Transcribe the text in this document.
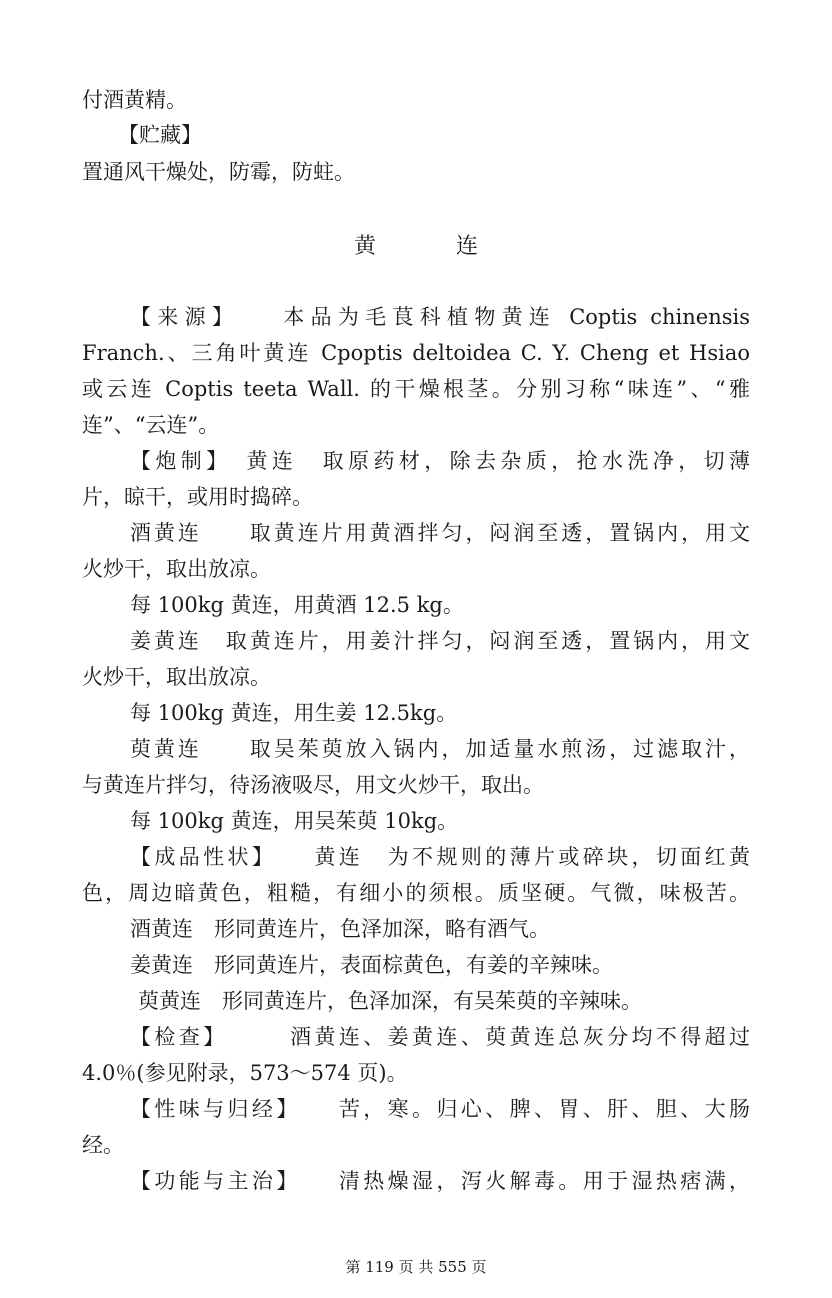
付酒黄精。
【贮藏】
置通风干燥处，防霉，防蛀。
黄	连
【来源】　　本品为毛茛科植物黄连 Coptis chinensis
Franch.、三角叶黄连 Cpoptis deltoidea C. Y. Cheng et Hsiao
或云连 Coptis teeta Wall. 的干燥根茎。分别习称“味连”、“雅
连”、“云连”。
【炮制】　黄连　取原药材，除去杂质，抢水洗净，切薄
片，晾干，或用时捣碎。
酒黄连　　取黄连片用黄酒拌匀，闷润至透，置锅内，用文
火炒干，取出放凉。
每 100kg 黄连，用黄酒 12.5 kg。
姜黄连　取黄连片，用姜汁拌匀，闷润至透，置锅内，用文
火炒干，取出放凉。
每 100kg 黄连，用生姜 12.5kg。
萸黄连　　取吴茱萸放入锅内，加适量水煎汤，过滤取汁，
与黄连片拌匀，待汤液吸尽，用文火炒干，取出。
每 100kg 黄连，用吴茱萸 10kg。
【成品性状】　　黄连　为不规则的薄片或碎块，切面红黄
色，周边暗黄色，粗糙，有细小的须根。质坚硬。气微，味极苦。
酒黄连　形同黄连片，色泽加深，略有酒气。
姜黄连　形同黄连片，表面棕黄色，有姜的辛辣味。
萸黄连　形同黄连片，色泽加深，有吴茱萸的辛辣味。
【检查】　　　酒黄连、姜黄连、萸黄连总灰分均不得超过
4.0％(参见附录，573～574 页)。
【性味与归经】　　苦，寒。归心、脾、胃、肝、胆、大肠
经。
【功能与主治】　　清热燥湿，泻火解毒。用于湿热痞满，
第 119 页 共 555 页
